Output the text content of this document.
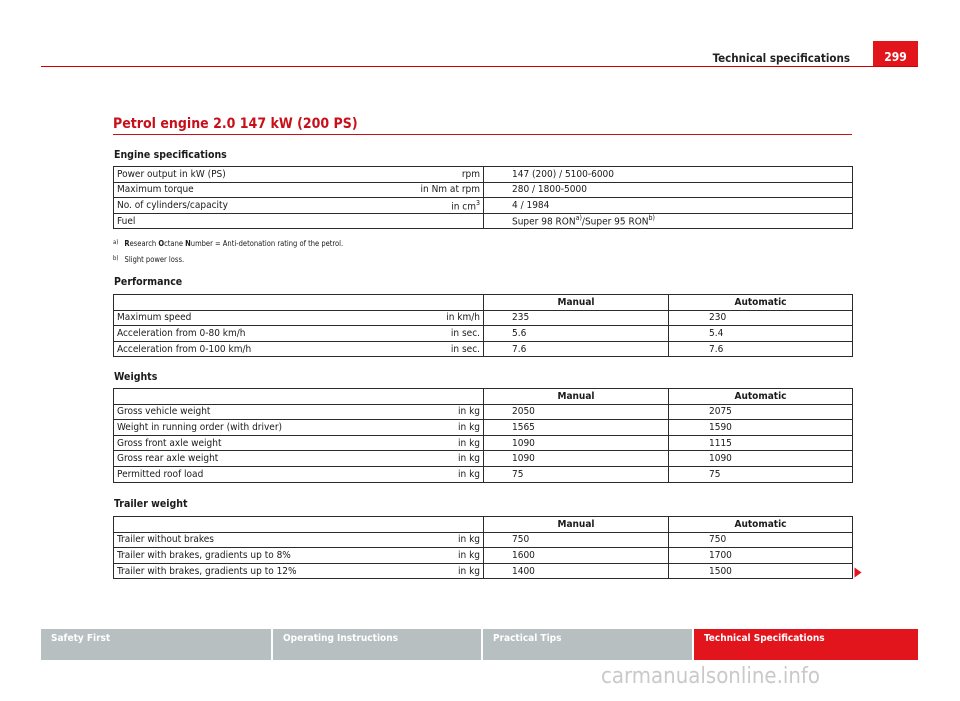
Technical specifications	299
Petrol engine 2.0 147 kW (200 PS)
Engine specifications
Power output in kW (PS)	rpm	147 (200) / 5100-6000
Maximum torque	in Nm at rpm	280 / 1800-5000
No. of cylinders/capacity	in $cm^3$	4 / 1984
Fuel		Super 98 RON$^{a)}$/Super 95 RON$^{b)}$
$^{a)}$ Research Octane Number = Anti-detonation rating of the petrol.
$^{b)}$ Slight power loss.
Performance
		Manual	Automatic
Maximum speed	in km/h	235	230
Acceleration from 0-80 km/h	in sec.	5.6	5.4
Acceleration from 0-100 km/h	in sec.	7.6	7.6
Weights
		Manual	Automatic
Gross vehicle weight	in kg	2050	2075
Weight in running order (with driver)	in kg	1565	1590
Gross front axle weight	in kg	1090	1115
Gross rear axle weight	in kg	1090	1090
Permitted roof load	in kg	75	75
Trailer weight
		Manual	Automatic
Trailer without brakes	in kg	750	750
Trailer with brakes, gradients up to 8%	in kg	1600	1700
Trailer with brakes, gradients up to 12%	in kg	1400	1500
Safety First	Operating Instructions	Practical Tips	Technical Specifications
carmanualsonline.info
